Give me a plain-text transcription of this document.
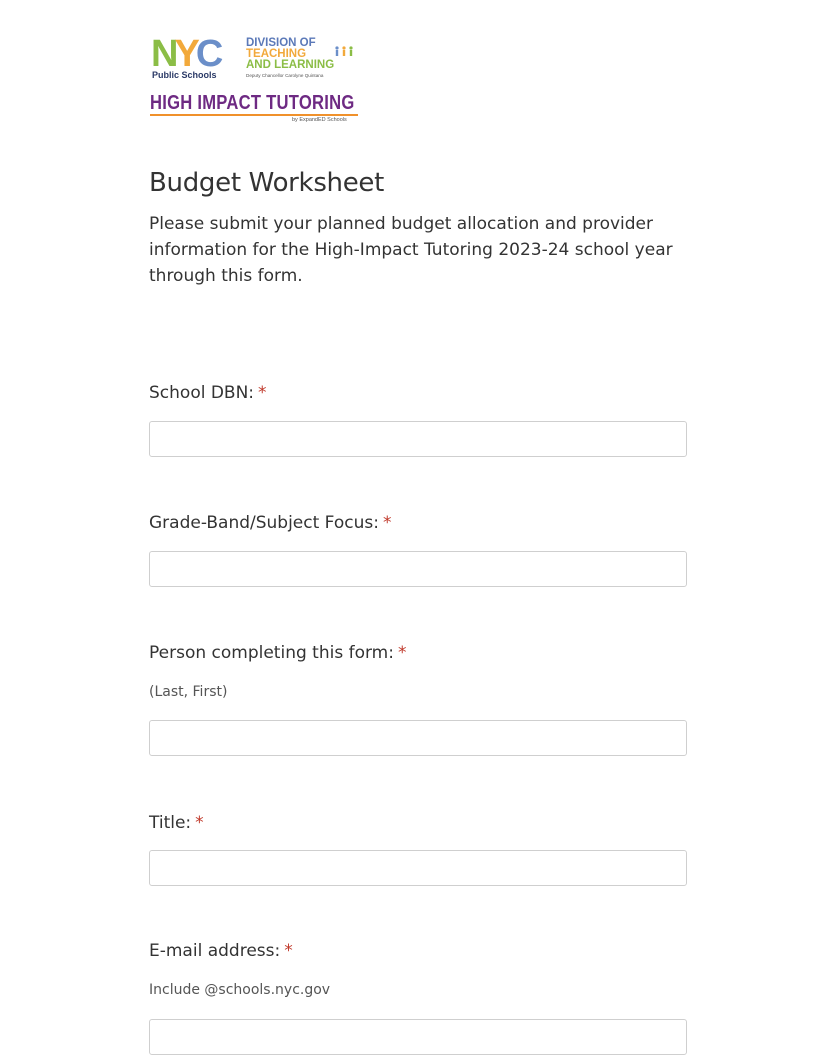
N Y C
Public Schools
DIVISION OF
TEACHING
AND LEARNING
Deputy Chancellor Carolyne Quintana
HIGH IMPACT TUTORING
by ExpandED Schools
Budget Worksheet

Please submit your planned budget allocation and provider information for the High-Impact Tutoring 2023-24 school year through this form.

School DBN: *
Grade-Band/Subject Focus: *
Person completing this form: *
(Last, First)
Title: *
E-mail address: *
Include @schools.nyc.gov
